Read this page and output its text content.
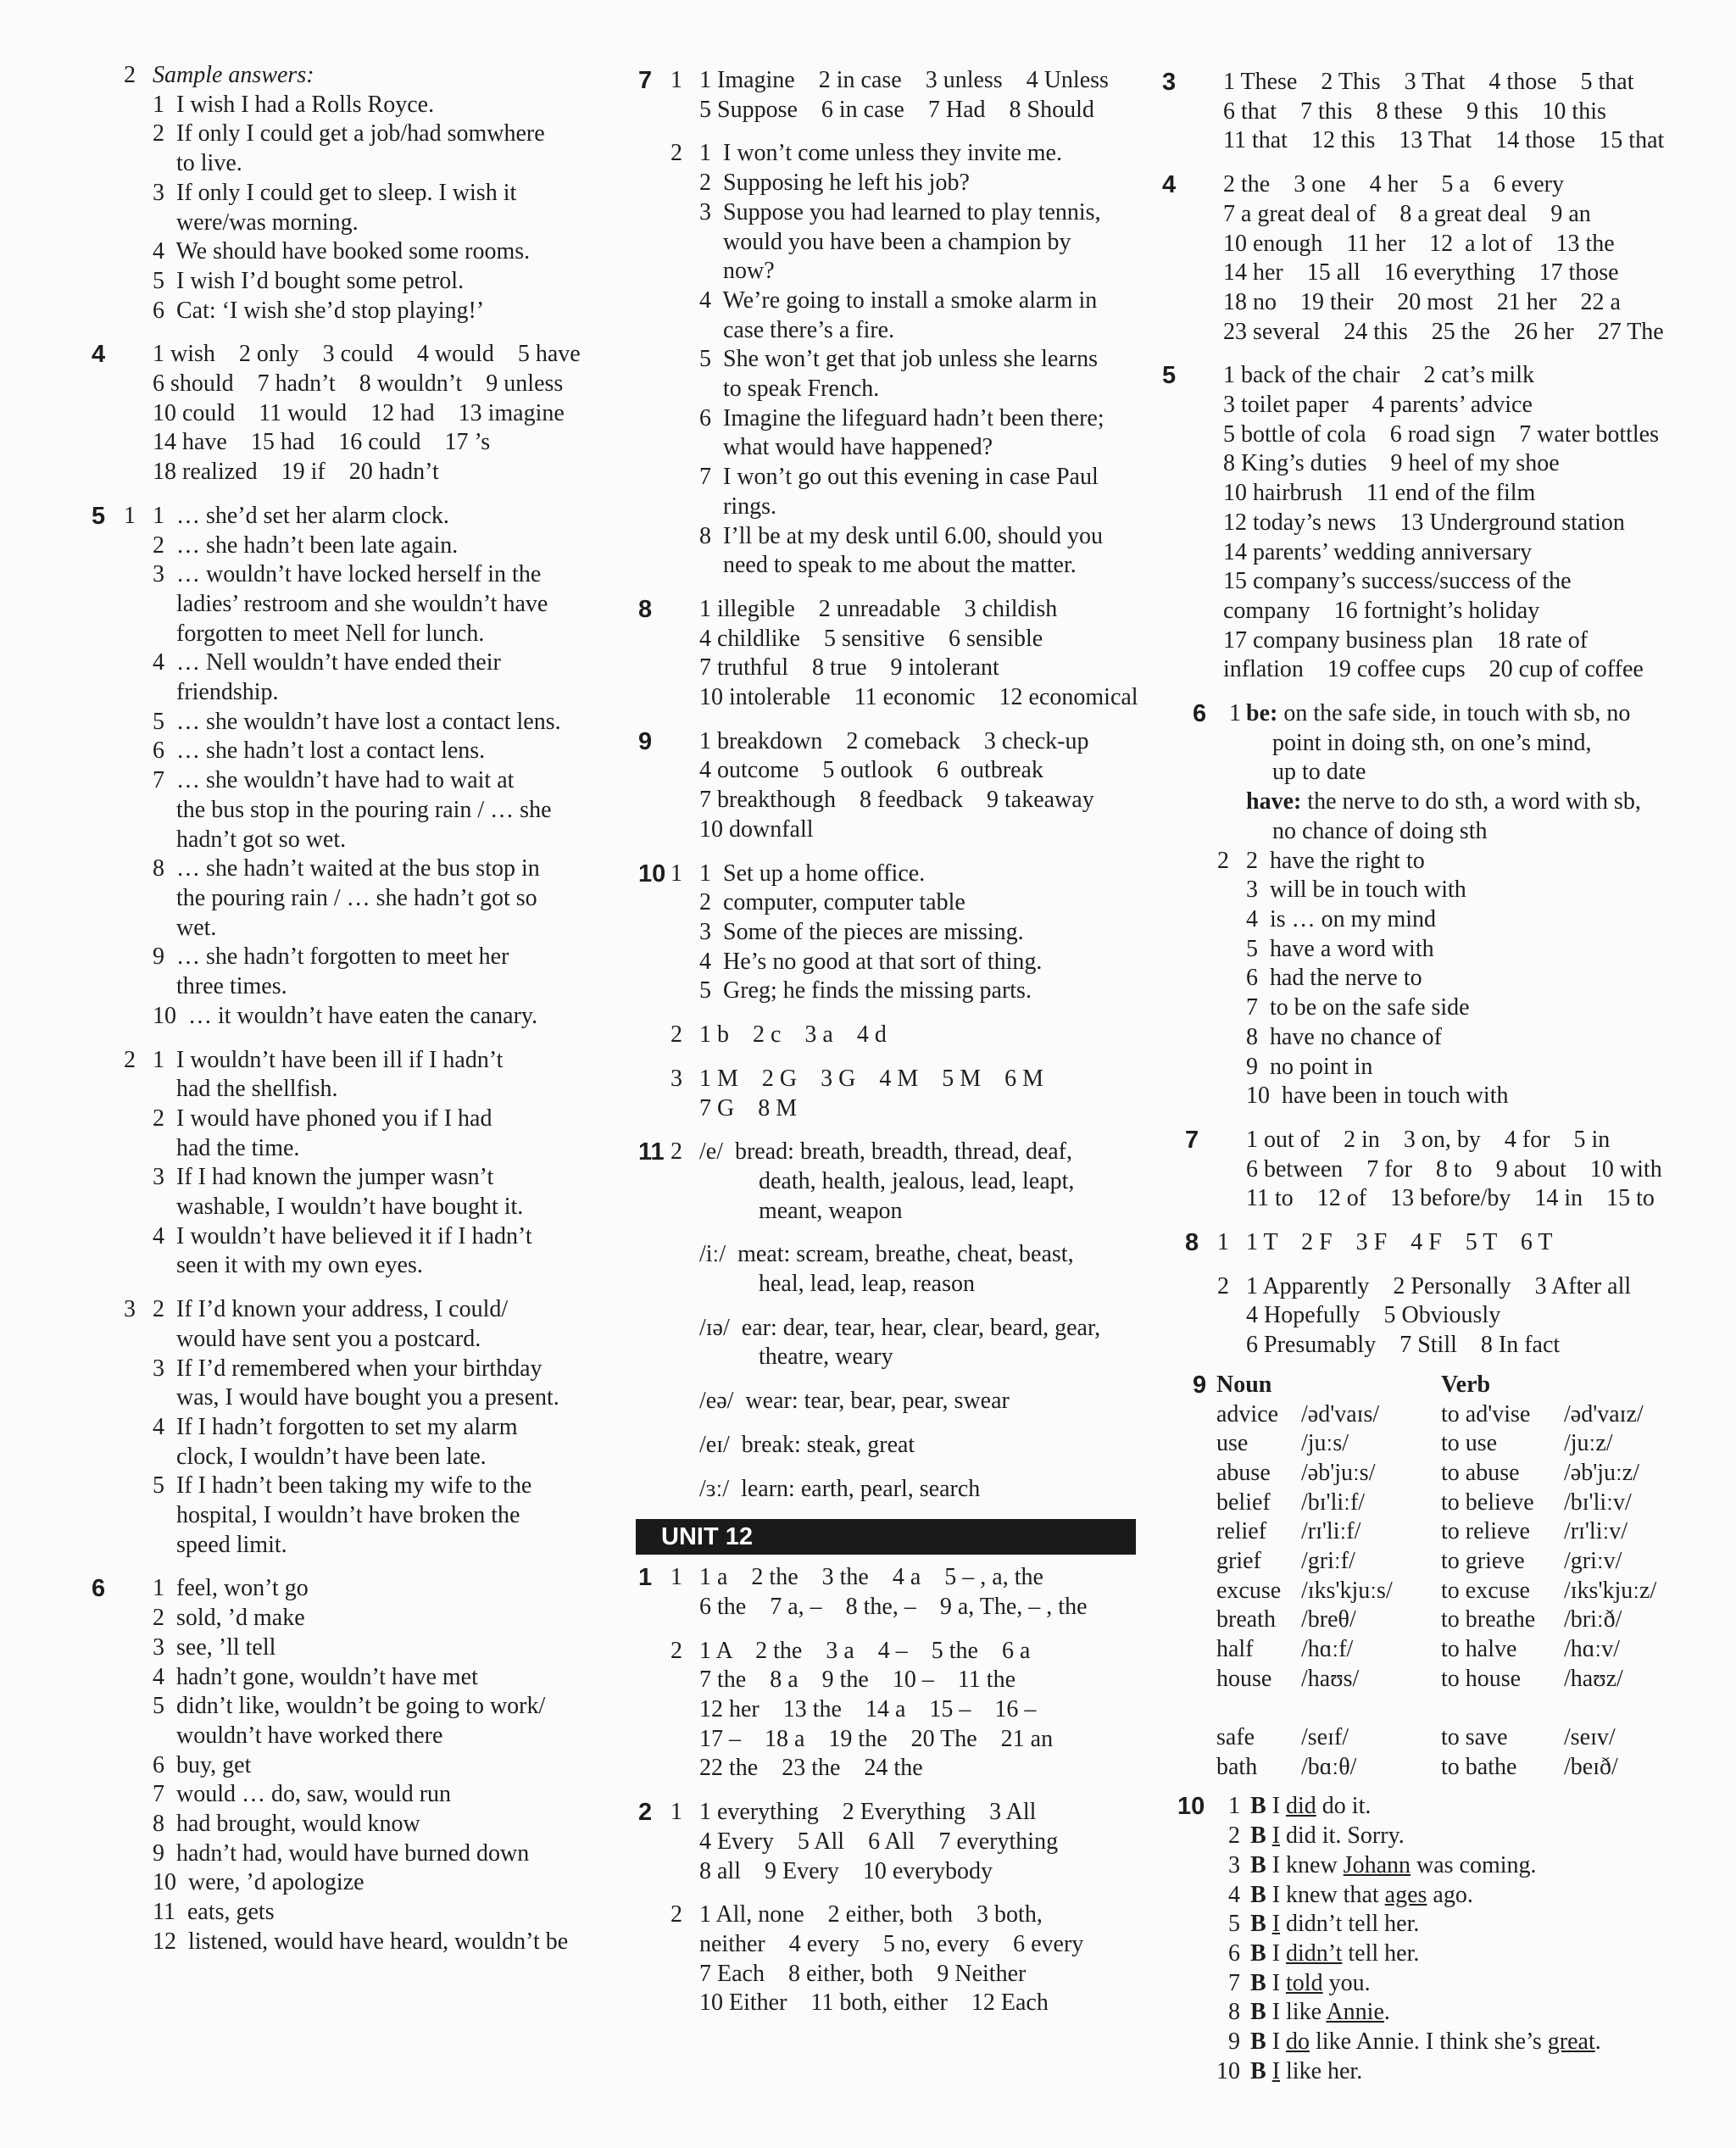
2 Sample answers:

1  I wish I had a Rolls Royce.

2  If only I could get a job/had somwhere

to live.

3  If only I could get to sleep. I wish it

were/was morning.

4  We should have booked some rooms.

5  I wish I’d bought some petrol.

6  Cat: ‘I wish she’d stop playing!’

4 1 wish    2 only    3 could    4 would    5 have

6 should    7 hadn’t    8 wouldn’t    9 unless

10 could    11 would    12 had    13 imagine

14 have    15 had    16 could    17 ’s

18 realized    19 if    20 hadn’t

5 1 1  … she’d set her alarm clock.

2  … she hadn’t been late again.

3  … wouldn’t have locked herself in the

ladies’ restroom and she wouldn’t have

forgotten to meet Nell for lunch.

4  … Nell wouldn’t have ended their

friendship.

5  … she wouldn’t have lost a contact lens.

6  … she hadn’t lost a contact lens.

7  … she wouldn’t have had to wait at

the bus stop in the pouring rain / … she

hadn’t got so wet.

8  … she hadn’t waited at the bus stop in

the pouring rain / … she hadn’t got so

wet.

9  … she hadn’t forgotten to meet her

three times.

10  … it wouldn’t have eaten the canary.

2 1  I wouldn’t have been ill if I hadn’t

had the shellfish.

2  I would have phoned you if I had

had the time.

3  If I had known the jumper wasn’t

washable, I wouldn’t have bought it.

4  I wouldn’t have believed it if I hadn’t

seen it with my own eyes.

3 2  If I’d known your address, I could/

would have sent you a postcard.

3  If I’d remembered when your birthday

was, I would have bought you a present.

4  If I hadn’t forgotten to set my alarm

clock, I wouldn’t have been late.

5  If I hadn’t been taking my wife to the

hospital, I wouldn’t have broken the

speed limit.

6 1  feel, won’t go

2  sold, ’d make

3  see, ’ll tell

4  hadn’t gone, wouldn’t have met

5  didn’t like, wouldn’t be going to work/

wouldn’t have worked there

6  buy, get

7  would … do, saw, would run

8  had brought, would know

9  hadn’t had, would have burned down

10  were, ’d apologize

11  eats, gets

12  listened, would have heard, wouldn’t be

7 1 1 Imagine    2 in case    3 unless    4 Unless

5 Suppose    6 in case    7 Had    8 Should

2 1  I won’t come unless they invite me.

2  Supposing he left his job?

3  Suppose you had learned to play tennis,

would you have been a champion by

now?

4  We’re going to install a smoke alarm in

case there’s a fire.

5  She won’t get that job unless she learns

to speak French.

6  Imagine the lifeguard hadn’t been there;

what would have happened?

7  I won’t go out this evening in case Paul

rings.

8  I’ll be at my desk until 6.00, should you

need to speak to me about the matter.

8 1 illegible    2 unreadable    3 childish

4 childlike    5 sensitive    6 sensible

7 truthful    8 true    9 intolerant

10 intolerable    11 economic    12 economical

9 1 breakdown    2 comeback    3 check-up

4 outcome    5 outlook    6  outbreak

7 breakthough    8 feedback    9 takeaway

10 downfall

10 1 1  Set up a home office.

2  computer, computer table

3  Some of the pieces are missing.

4  He’s no good at that sort of thing.

5  Greg; he finds the missing parts.

2 1 b    2 c    3 a    4 d

3 1 M    2 G    3 G    4 M    5 M    6 M

7 G    8 M

11 2 /e/  bread: breath, breadth, thread, deaf,

death, health, jealous, lead, leapt,

meant, weapon

/iː/  meat: scream, breathe, cheat, beast,

heal, lead, leap, reason

/ɪə/  ear: dear, tear, hear, clear, beard, gear,

theatre, weary

/eə/  wear: tear, bear, pear, swear

/eɪ/  break: steak, great

/ɜː/  learn: earth, pearl, search

UNIT 12
1 1 1 a    2 the    3 the    4 a    5 – , a, the

6 the    7 a, –    8 the, –    9 a, The, – , the

2 1 A    2 the    3 a    4 –    5 the    6 a

7 the    8 a    9 the    10 –    11 the

12 her    13 the    14 a    15 –    16 –

17 –    18 a    19 the    20 The    21 an

22 the    23 the    24 the

2 1 1 everything    2 Everything    3 All

4 Every    5 All    6 All    7 everything

8 all    9 Every    10 everybody

2 1 All, none    2 either, both    3 both,

neither    4 every    5 no, every    6 every

7 Each    8 either, both    9 Neither

10 Either    11 both, either    12 Each

3 1 These    2 This    3 That    4 those    5 that

6 that    7 this    8 these    9 this    10 this

11 that    12 this    13 That    14 those    15 that

4 2 the    3 one    4 her    5 a    6 every

7 a great deal of    8 a great deal    9 an

10 enough    11 her    12  a lot of    13 the

14 her    15 all    16 everything    17 those

18 no    19 their    20 most    21 her    22 a

23 several    24 this    25 the    26 her    27 The

5 1 back of the chair    2 cat’s milk

3 toilet paper    4 parents’ advice

5 bottle of cola    6 road sign    7 water bottles

8 King’s duties    9 heel of my shoe

10 hairbrush    11 end of the film

12 today’s news    13 Underground station

14 parents’ wedding anniversary

15 company’s success/success of the

company    16 fortnight’s holiday

17 company business plan    18 rate of

inflation    19 coffee cups    20 cup of coffee

6 1 be: on the safe side, in touch with sb, no

point in doing sth, on one’s mind,

up to date

have: the nerve to do sth, a word with sb,

no chance of doing sth

2 2  have the right to

3  will be in touch with

4  is … on my mind

5  have a word with

6  had the nerve to

7  to be on the safe side

8  have no chance of

9  no point in

10  have been in touch with

7 1 out of    2 in    3 on, by    4 for    5 in

6 between    7 for    8 to    9 about    10 with

11 to    12 of    13 before/by    14 in    15 to

8 1 1 T    2 F    3 F    4 F    5 T    6 T

2 1 Apparently    2 Personally    3 After all

4 Hopefully    5 Obviously

6 Presumably    7 Still    8 In fact

9 Noun	Verb
advice /əd'vaɪs/	to ad'vise /əd'vaɪz/
use /juːs/	to use	/juːz/
abuse /əb'juːs/	to abuse /əb'juːz/
belief /bɪ'liːf/	to believe /bɪ'liːv/
relief /rɪ'liːf/	to relieve /rɪ'liːv/
grief /griːf/	to grieve /griːv/
excuse /ɪks'kjuːs/ to excuse /ɪks'kjuːz/
breath /breθ/	to breathe /briːð/
half /hɑːf/	to halve /hɑːv/
house /haʊs/	to house /haʊz/
safe /seɪf/	to save /seɪv/
bath /bɑːθ/	to bathe /beɪð/
10 1 B I did do it.

2 B I did it. Sorry.

3 B I knew Johann was coming.

4 B I knew that ages ago.

5 B I didn’t tell her.

6 B I didn’t tell her.

7 B I told you.

8 B I like Annie.

9 B I do like Annie. I think she’s great.

10 B I like her.
